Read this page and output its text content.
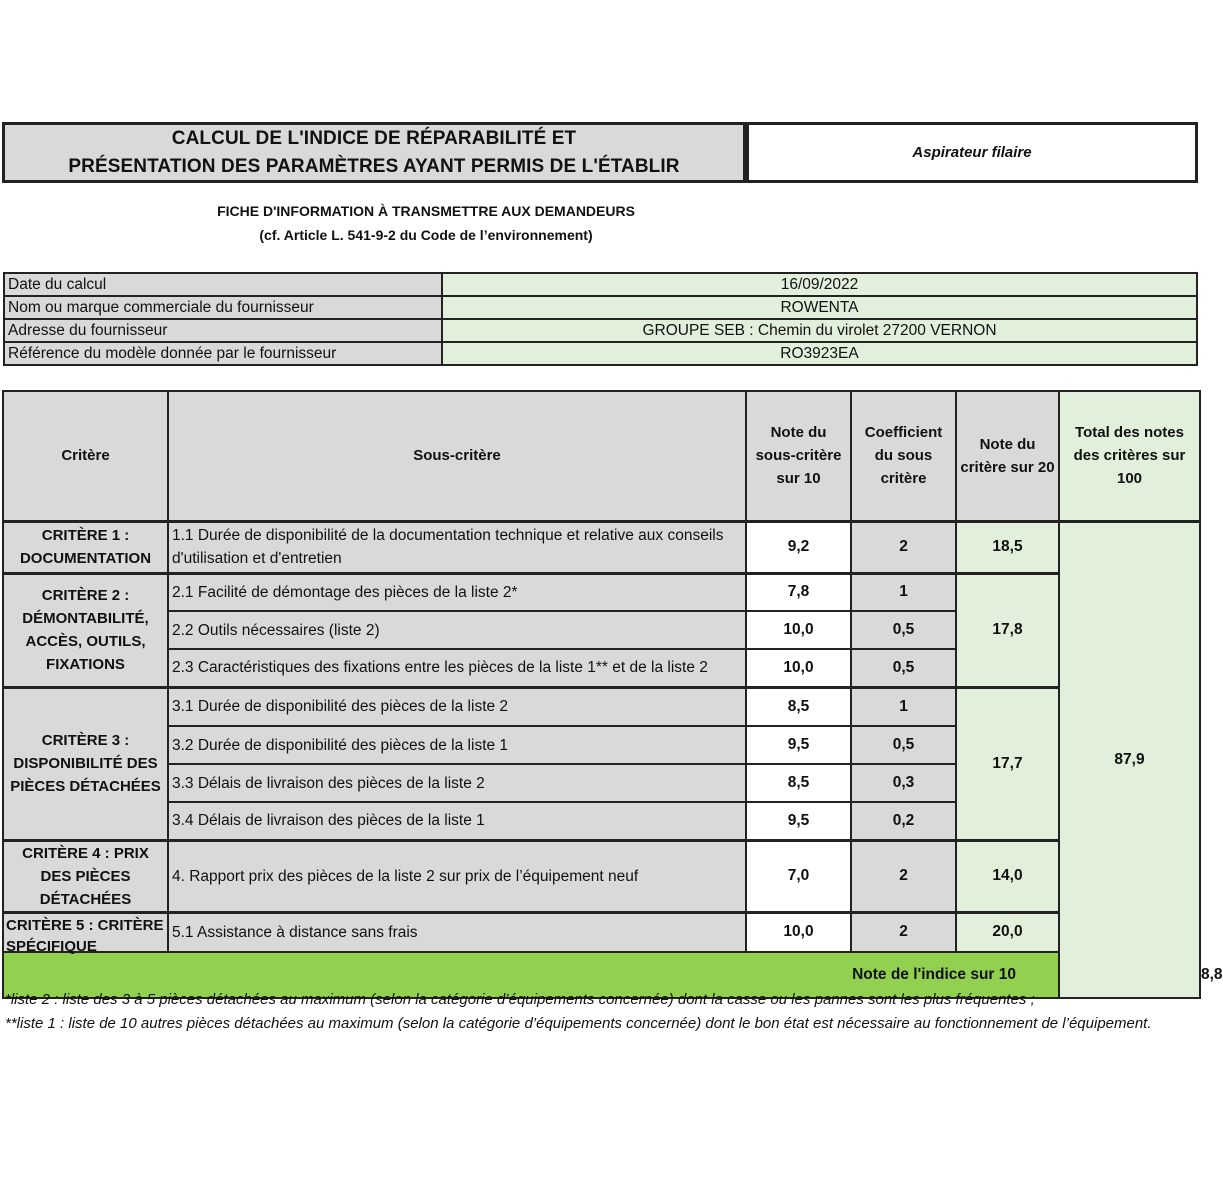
CALCUL DE L'INDICE DE RÉPARABILITÉ ET
PRÉSENTATION DES PARAMÈTRES AYANT PERMIS DE L'ÉTABLIR
Aspirateur filaire
FICHE D'INFORMATION À TRANSMETTRE AUX DEMANDEURS
(cf. Article L. 541-9-2 du Code de l’environnement)
Date du calcul	16/09/2022
Nom ou marque commerciale du fournisseur	ROWENTA
Adresse du fournisseur	GROUPE SEB : Chemin du virolet 27200 VERNON
Référence du modèle donnée par le fournisseur	RO3923EA
Critère	Sous-critère	Note du sous-critère sur 10	Coefficient du sous critère	Note du critère sur 20	Total des notes des critères sur 100	
CRITÈRE 1 : DOCUMENTATION	1.1 Durée de disponibilité de la documentation technique et relative aux conseils d'utilisation et d'entretien	9,2	2	18,5	87,9	
CRITÈRE 2 : DÉMONTABILITÉ, ACCÈS, OUTILS, FIXATIONS	2.1 Facilité de démontage des pièces de la liste 2*	7,8	1	17,8		
	2.2 Outils nécessaires (liste 2)	10,0	0,5			
	2.3 Caractéristiques des fixations entre les pièces de la liste 1** et de la liste 2	10,0	0,5			
CRITÈRE 3 : DISPONIBILITÉ DES PIÈCES DÉTACHÉES	3.1 Durée de disponibilité des pièces de la liste 2	8,5	1	17,7		
	3.2 Durée de disponibilité des pièces de la liste 1	9,5	0,5			
	3.3 Délais de livraison des pièces de la liste 2	8,5	0,3			
	3.4 Délais de livraison des pièces de la liste 1	9,5	0,2			
CRITÈRE 4 : PRIX DES PIÈCES DÉTACHÉES	4. Rapport prix des pièces de la liste 2 sur prix de l’équipement neuf	7,0	2	14,0		

CRITÈRE 5 : CRITÈRE SPÉCIFIQUE	5.1 Assistance à distance sans frais	10,0	2	20,0		
Note de l'indice sur 10						8,8
*liste 2 : liste des 3 à 5 pièces détachées au maximum (selon la catégorie d’équipements concernée) dont la casse ou les pannes sont les plus fréquentes ;
**liste 1 : liste de 10 autres pièces détachées au maximum (selon la catégorie d’équipements concernée) dont le bon état est nécessaire au fonctionnement de l’équipement.
